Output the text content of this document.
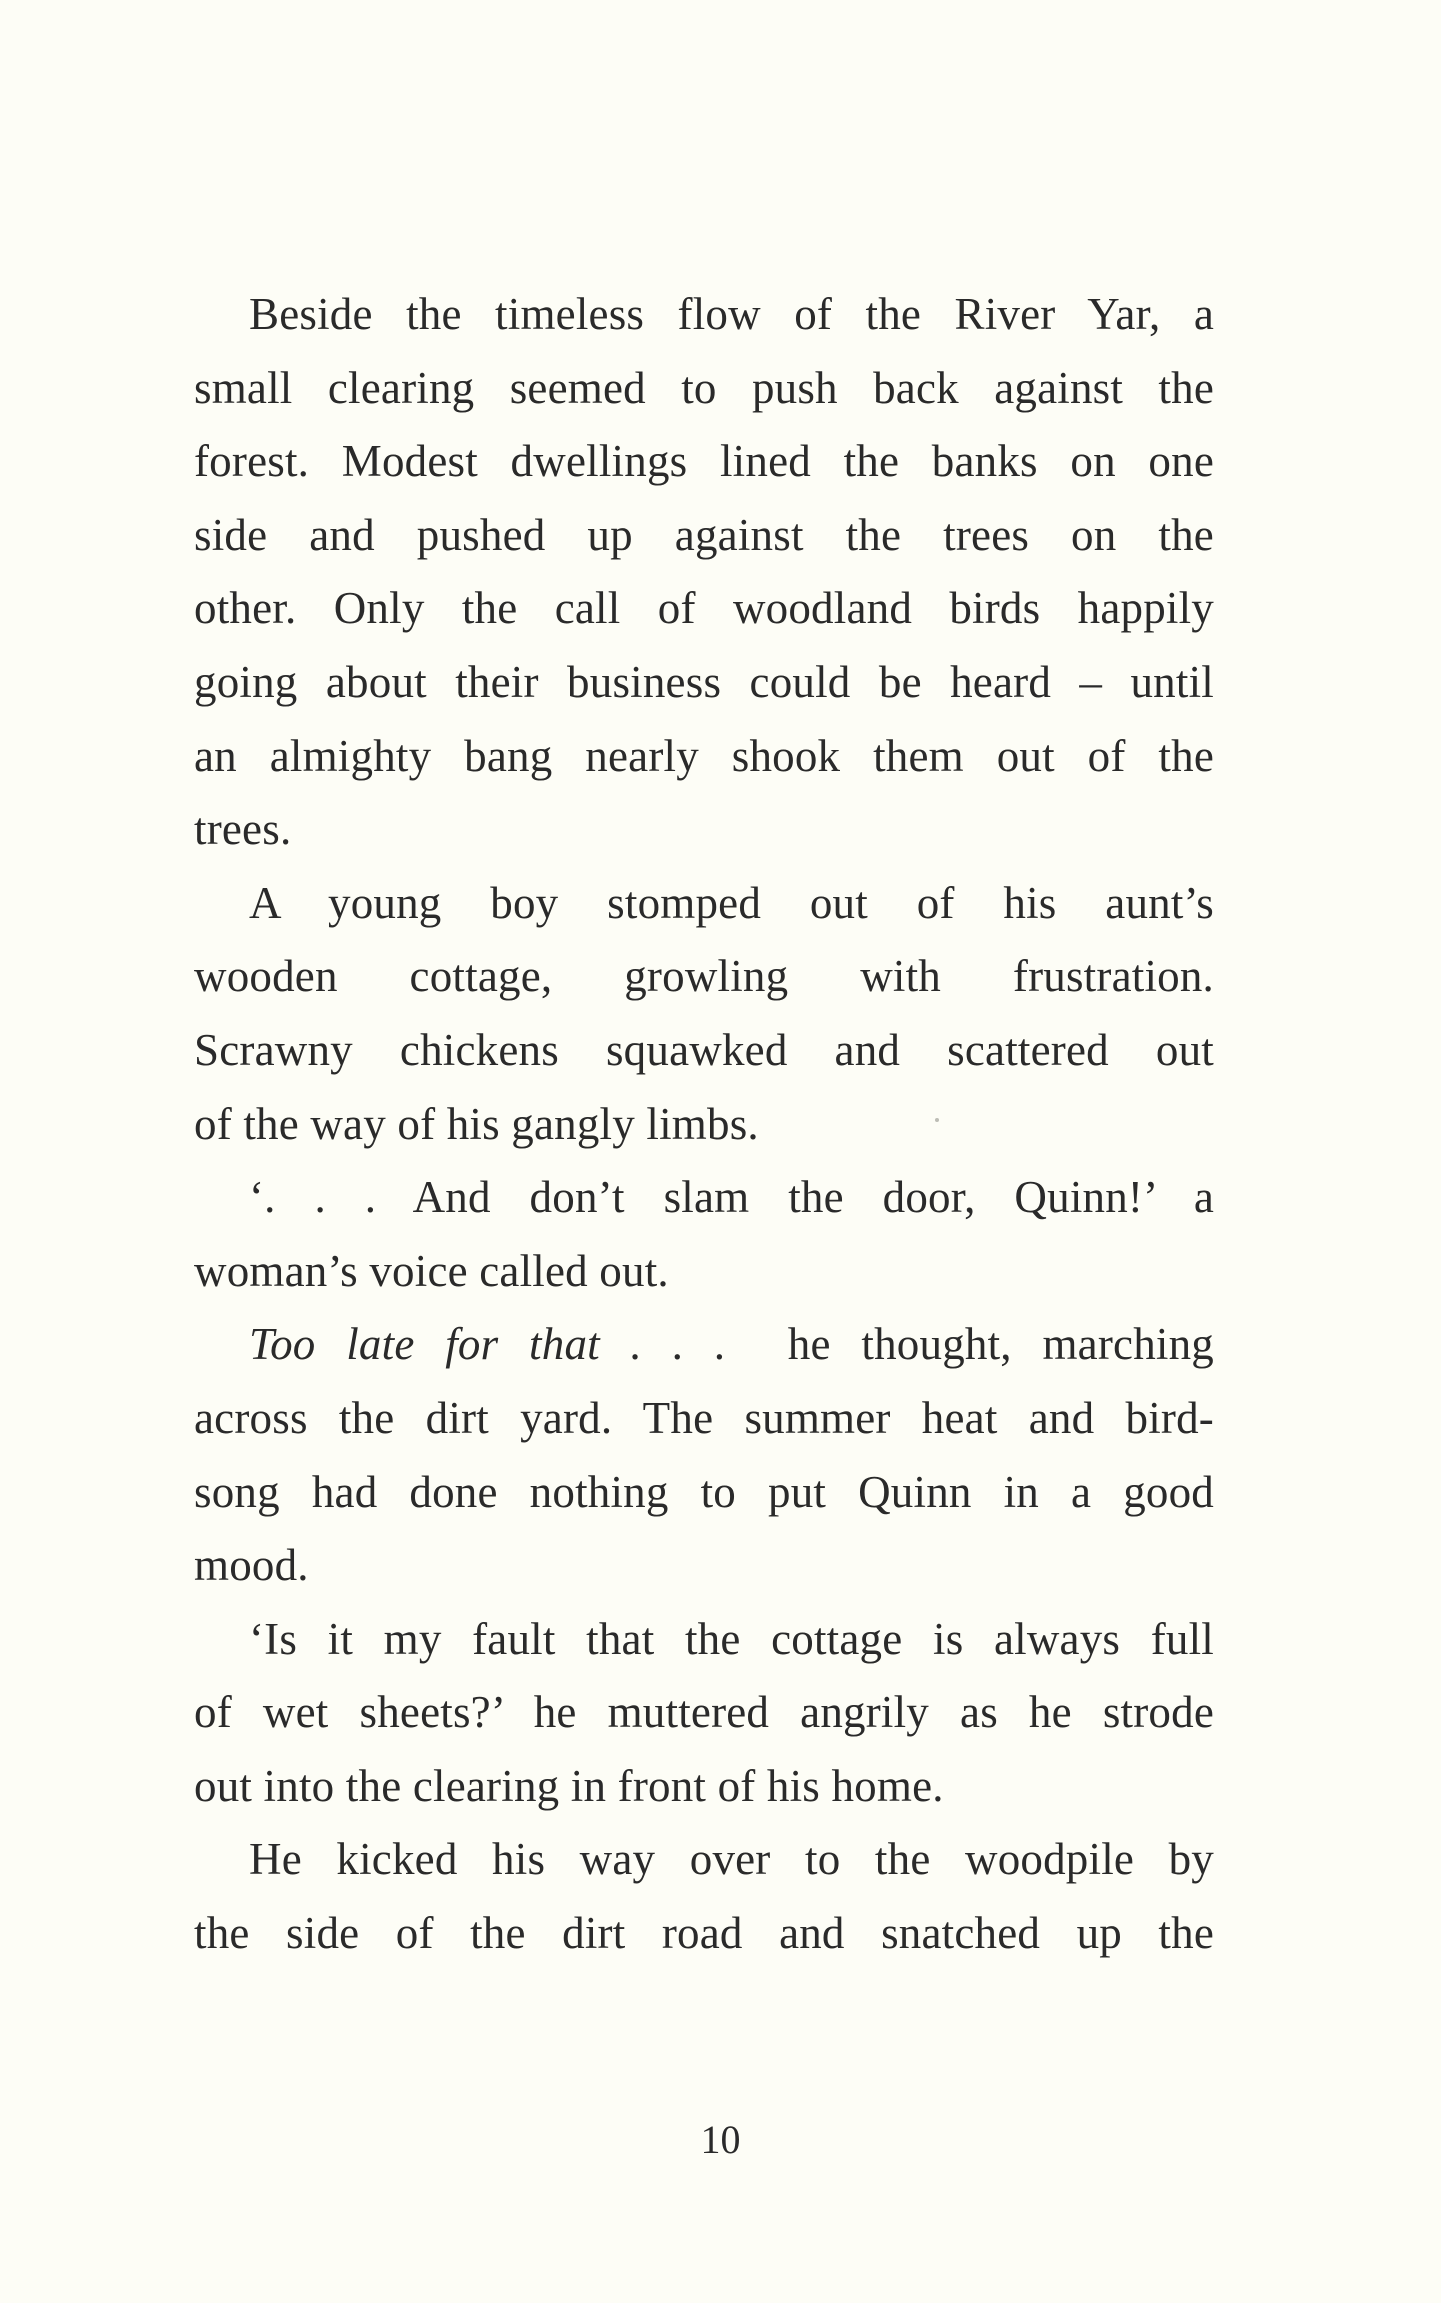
Beside the timeless flow of the River Yar, a
small clearing seemed to push back against the
forest. Modest dwellings lined the banks on one
side and pushed up against the trees on the
other. Only the call of woodland birds happily
going about their business could be heard – until
an almighty bang nearly shook them out of the
trees.
A young boy stomped out of his aunt’s
wooden cottage, growling with frustration.
Scrawny chickens squawked and scattered out
of the way of his gangly limbs.
‘. . . And don’t slam the door, Quinn!’ a
woman’s voice called out.
Too late for that . . . he thought, marching
across the dirt yard. The summer heat and bird-
song had done nothing to put Quinn in a good
mood.
‘Is it my fault that the cottage is always full
of wet sheets?’ he muttered angrily as he strode
out into the clearing in front of his home.
He kicked his way over to the woodpile by
the side of the dirt road and snatched up the
10
